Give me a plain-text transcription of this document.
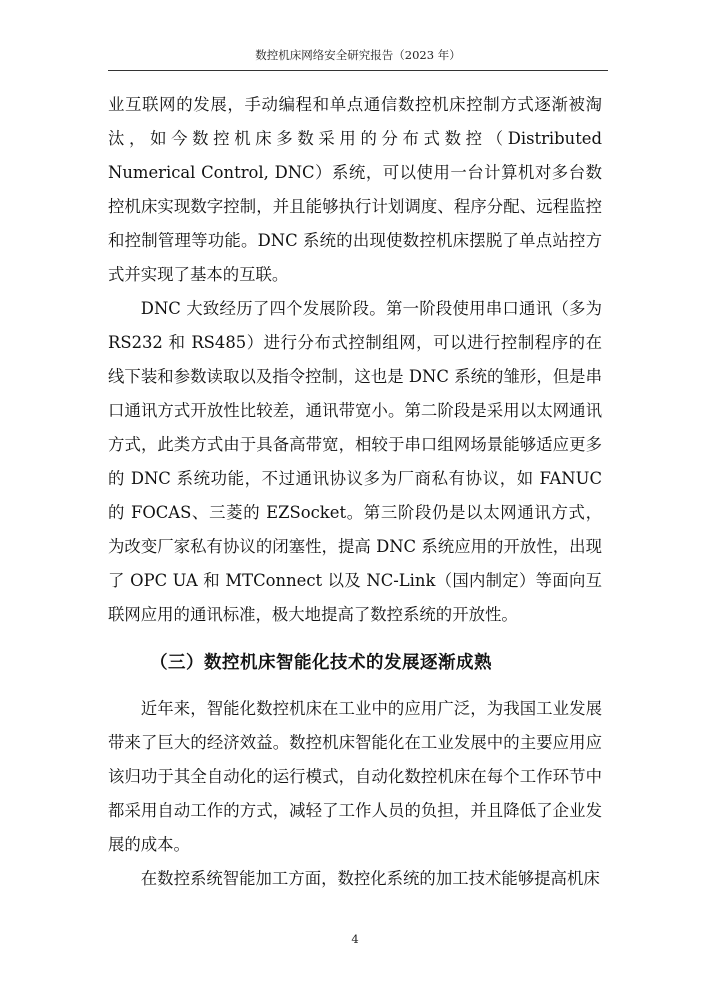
数控机床网络安全研究报告（2023 年）

业互联网的发展，手动编程和单点通信数控机床控制方式逐渐被淘汰，如今数控机床多数采用的分布式数控（Distributed Numerical Control, DNC）系统，可以使用一台计算机对多台数控机床实现数字控制，并且能够执行计划调度、程序分配、远程监控和控制管理等功能。DNC 系统的出现使数控机床摆脱了单点站控方式并实现了基本的互联。

DNC 大致经历了四个发展阶段。第一阶段使用串口通讯（多为 RS232 和 RS485）进行分布式控制组网，可以进行控制程序的在线下装和参数读取以及指令控制，这也是 DNC 系统的雏形，但是串口通讯方式开放性比较差，通讯带宽小。第二阶段是采用以太网通讯方式，此类方式由于具备高带宽，相较于串口组网场景能够适应更多的 DNC 系统功能，不过通讯协议多为厂商私有协议，如 FANUC 的 FOCAS、三菱的 EZSocket。第三阶段仍是以太网通讯方式，为改变厂家私有协议的闭塞性，提高 DNC 系统应用的开放性，出现了 OPC UA 和 MTConnect 以及 NC-Link（国内制定）等面向互联网应用的通讯标准，极大地提高了数控系统的开放性。

（三）数控机床智能化技术的发展逐渐成熟

近年来，智能化数控机床在工业中的应用广泛，为我国工业发展带来了巨大的经济效益。数控机床智能化在工业发展中的主要应用应该归功于其全自动化的运行模式，自动化数控机床在每个工作环节中都采用自动工作的方式，减轻了工作人员的负担，并且降低了企业发展的成本。

在数控系统智能加工方面，数控化系统的加工技术能够提高机床

4
